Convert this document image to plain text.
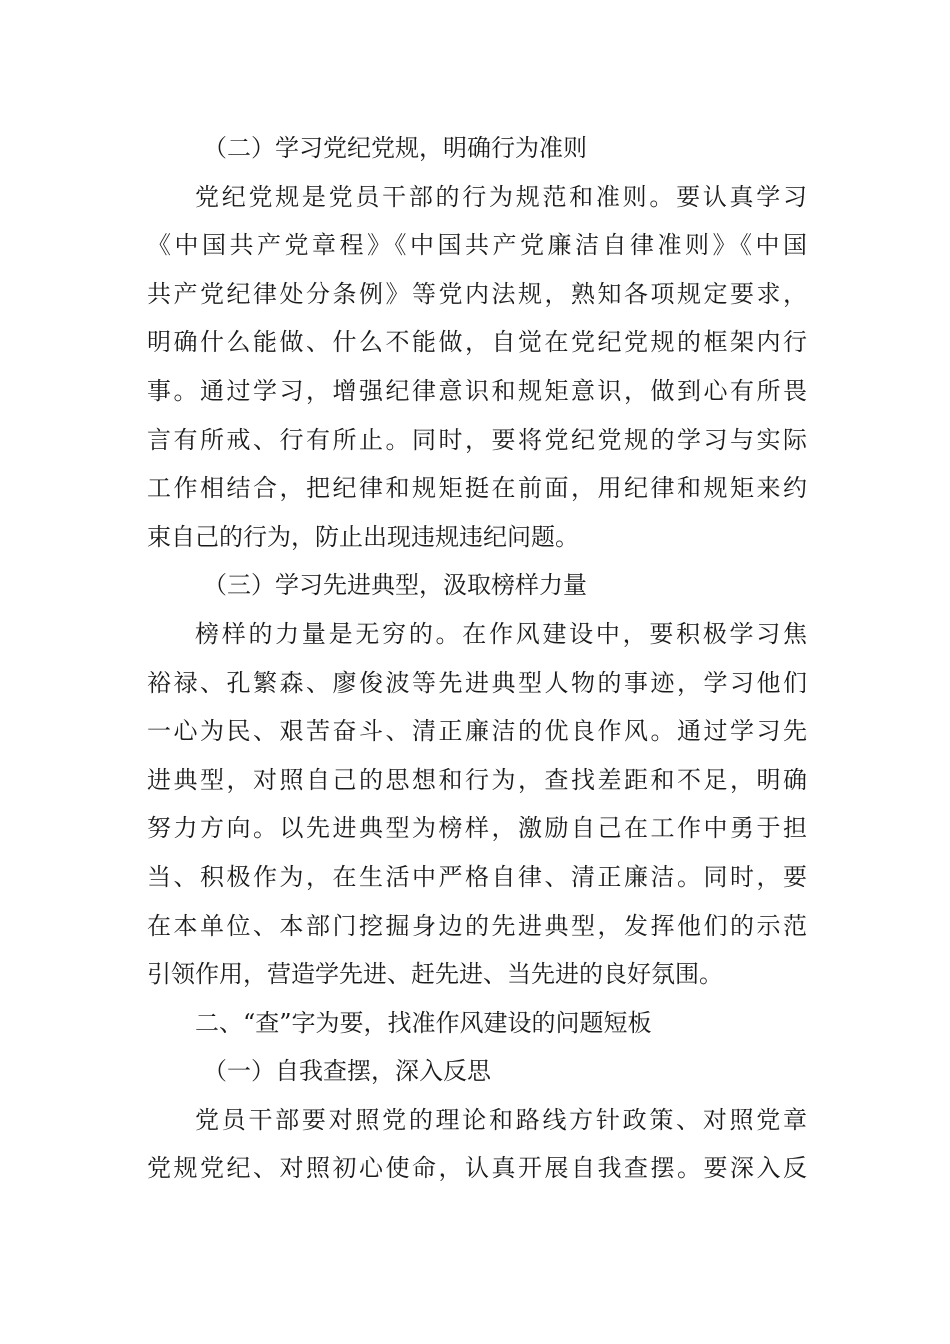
（二）学习党纪党规，明确行为准则
党纪党规是党员干部的行为规范和准则。要认真学习
《中国共产党章程》《中国共产党廉洁自律准则》《中国
共产党纪律处分条例》等党内法规，熟知各项规定要求，
明确什么能做、什么不能做，自觉在党纪党规的框架内行
事。通过学习，增强纪律意识和规矩意识，做到心有所畏
言有所戒、行有所止。同时，要将党纪党规的学习与实际
工作相结合，把纪律和规矩挺在前面，用纪律和规矩来约
束自己的行为，防止出现违规违纪问题。
（三）学习先进典型，汲取榜样力量
榜样的力量是无穷的。在作风建设中，要积极学习焦
裕禄、孔繁森、廖俊波等先进典型人物的事迹，学习他们
一心为民、艰苦奋斗、清正廉洁的优良作风。通过学习先
进典型，对照自己的思想和行为，查找差距和不足，明确
努力方向。以先进典型为榜样，激励自己在工作中勇于担
当、积极作为，在生活中严格自律、清正廉洁。同时，要
在本单位、本部门挖掘身边的先进典型，发挥他们的示范
引领作用，营造学先进、赶先进、当先进的良好氛围。
二、“查”字为要，找准作风建设的问题短板
（一）自我查摆，深入反思
党员干部要对照党的理论和路线方针政策、对照党章
党规党纪、对照初心使命，认真开展自我查摆。要深入反
